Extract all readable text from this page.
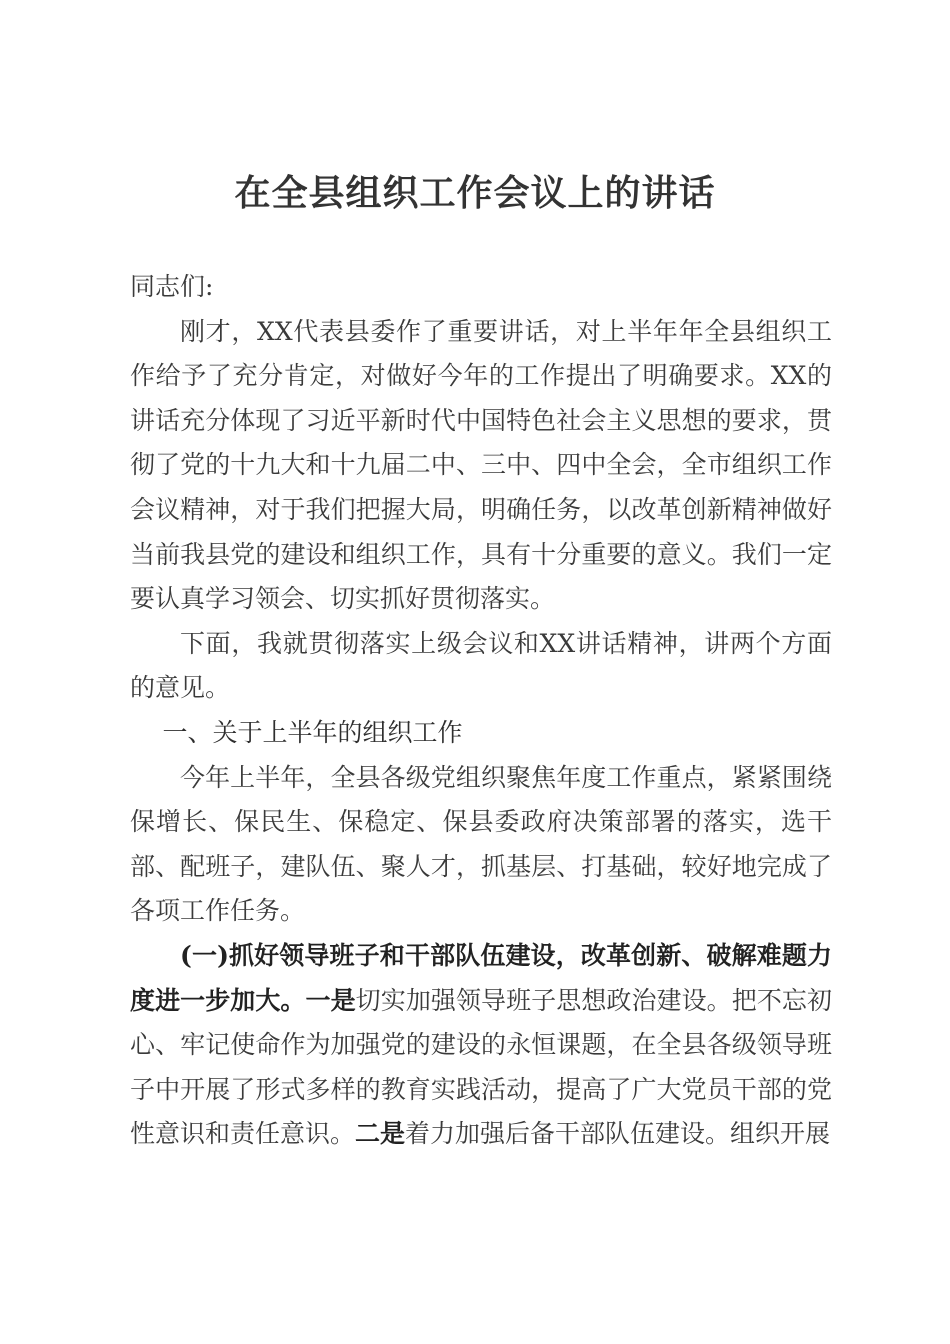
在全县组织工作会议上的讲话

同志们:

刚才，XX代表县委作了重要讲话，对上半年年全县组织工作给予了充分肯定，对做好今年的工作提出了明确要求。XX的讲话充分体现了习近平新时代中国特色社会主义思想的要求，贯彻了党的十九大和十九届二中、三中、四中全会，全市组织工作会议精神，对于我们把握大局，明确任务，以改革创新精神做好当前我县党的建设和组织工作，具有十分重要的意义。我们一定要认真学习领会、切实抓好贯彻落实。

下面，我就贯彻落实上级会议和XX讲话精神，讲两个方面的意见。

一、关于上半年的组织工作

今年上半年，全县各级党组织聚焦年度工作重点，紧紧围绕保增长、保民生、保稳定、保县委政府决策部署的落实，选干部、配班子，建队伍、聚人才，抓基层、打基础，较好地完成了各项工作任务。

(一)抓好领导班子和干部队伍建设，改革创新、破解难题力度进一步加大。一是切实加强领导班子思想政治建设。把不忘初心、牢记使命作为加强党的建设的永恒课题，在全县各级领导班子中开展了形式多样的教育实践活动，提高了广大党员干部的党性意识和责任意识。二是着力加强后备干部队伍建设。组织开展
